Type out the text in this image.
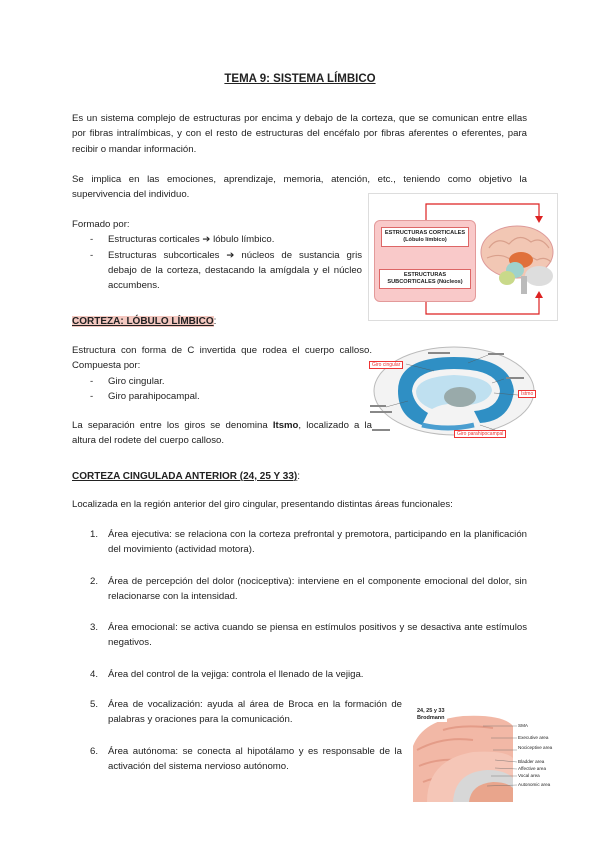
TEMA 9: SISTEMA LÍMBICO
Es un sistema complejo de estructuras por encima y debajo de la corteza, que se comunican entre ellas por fibras intralímbicas, y con el resto de estructuras del encéfalo por fibras aferentes o eferentes, para recibir o mandar información.
Se implica en las emociones, aprendizaje, memoria, atención, etc., teniendo como objetivo la supervivencia del individuo.
Formado por:
- Estructuras corticales ➔ lóbulo límbico.
- Estructuras subcorticales ➔ núcleos de sustancia gris debajo de la corteza, destacando la amígdala y el núcleo accumbens.
ESTRUCTURAS CORTICALES (Lóbulo límbico)
ESTRUCTURAS SUBCORTICALES (Núcleos)
CORTEZA: LÓBULO LÍMBICO:
Estructura con forma de C invertida que rodea el cuerpo calloso. Compuesta por:
- Giro cingular.
- Giro parahipocampal.
La separación entre los giros se denomina Itsmo, localizado a la altura del rodete del cuerpo calloso.
Giro cingular
Istmo
Giro parahipocampal
CORTEZA CINGULADA ANTERIOR (24, 25 Y 33):
Localizada en la región anterior del giro cingular, presentando distintas áreas funcionales:
1. Área ejecutiva: se relaciona con la corteza prefrontal y premotora, participando en la planificación del movimiento (actividad motora).
2. Área de percepción del dolor (nociceptiva): interviene en el componente emocional del dolor, sin relacionarse con la intensidad.
3. Área emocional: se activa cuando se piensa en estímulos positivos y se desactiva ante estímulos negativos.
4. Área del control de la vejiga: controla el llenado de la vejiga.
5. Área de vocalización: ayuda al área de Broca en la formación de palabras y oraciones para la comunicación.
6. Área autónoma: se conecta al hipotálamo y es responsable de la activación del sistema nervioso autónomo.
24, 25 y 33
Brodmann
SMA
Executive area
Nociceptive area
Bladder area
Affective area
Vocal area
Autonomic area
